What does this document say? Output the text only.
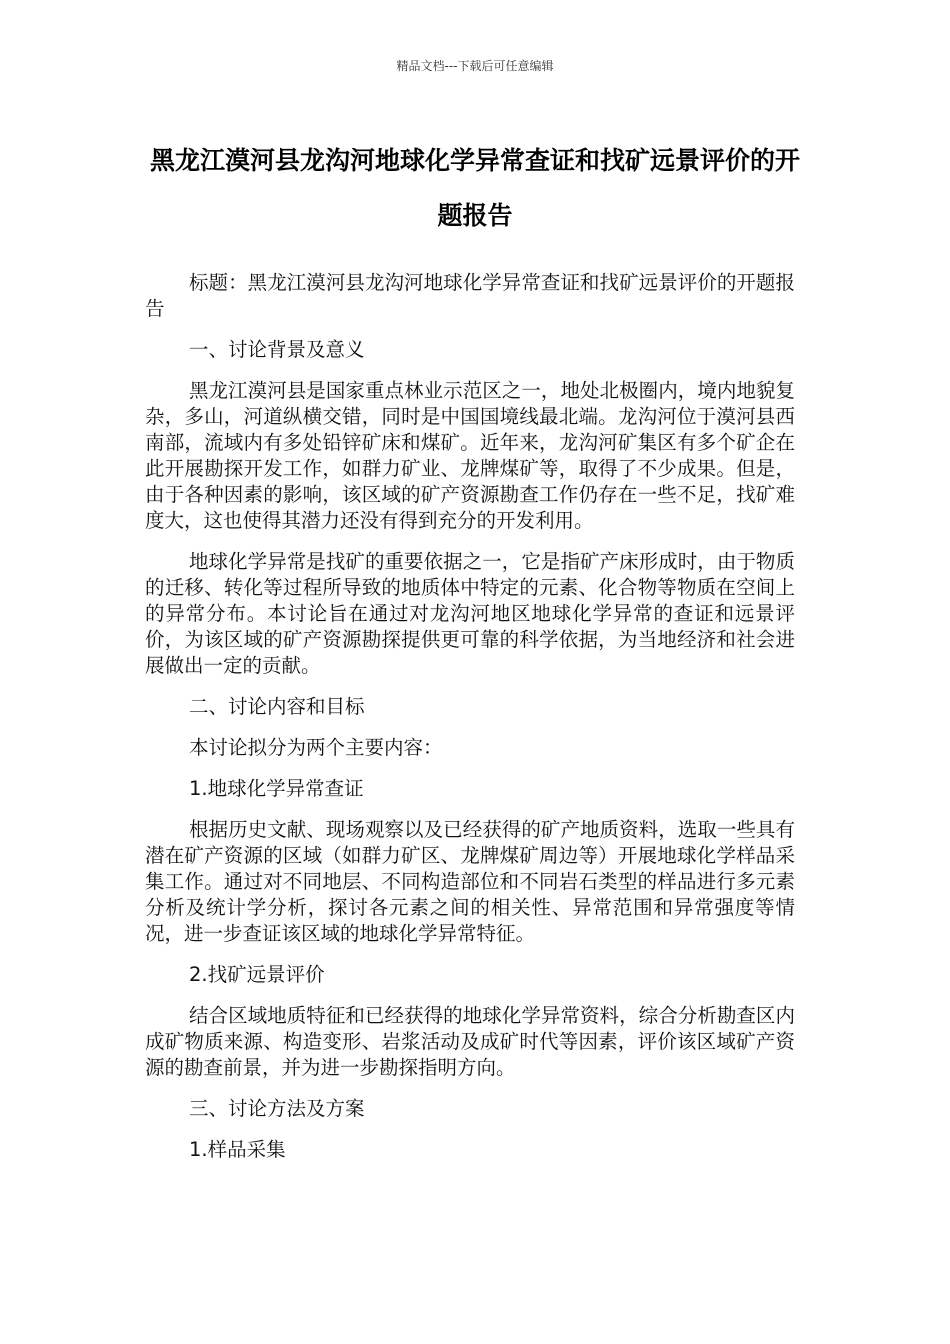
精品文档---下载后可任意编辑
黑龙江漠河县龙沟河地球化学异常查证和找矿远景评价的开题报告

标题：黑龙江漠河县龙沟河地球化学异常查证和找矿远景评价的开题报告

一、讨论背景及意义

黑龙江漠河县是国家重点林业示范区之一，地处北极圈内，境内地貌复杂，多山，河道纵横交错，同时是中国国境线最北端。龙沟河位于漠河县西南部，流域内有多处铅锌矿床和煤矿。近年来，龙沟河矿集区有多个矿企在此开展勘探开发工作，如群力矿业、龙牌煤矿等，取得了不少成果。但是，由于各种因素的影响，该区域的矿产资源勘查工作仍存在一些不足，找矿难度大，这也使得其潜力还没有得到充分的开发利用。

地球化学异常是找矿的重要依据之一，它是指矿产床形成时，由于物质的迁移、转化等过程所导致的地质体中特定的元素、化合物等物质在空间上的异常分布。本讨论旨在通过对龙沟河地区地球化学异常的查证和远景评价，为该区域的矿产资源勘探提供更可靠的科学依据，为当地经济和社会进展做出一定的贡献。

二、讨论内容和目标

本讨论拟分为两个主要内容：

1.地球化学异常查证

根据历史文献、现场观察以及已经获得的矿产地质资料，选取一些具有潜在矿产资源的区域（如群力矿区、龙牌煤矿周边等）开展地球化学样品采集工作。通过对不同地层、不同构造部位和不同岩石类型的样品进行多元素分析及统计学分析，探讨各元素之间的相关性、异常范围和异常强度等情况，进一步查证该区域的地球化学异常特征。

2.找矿远景评价

结合区域地质特征和已经获得的地球化学异常资料，综合分析勘查区内成矿物质来源、构造变形、岩浆活动及成矿时代等因素，评价该区域矿产资源的勘查前景，并为进一步勘探指明方向。

三、讨论方法及方案

1.样品采集
